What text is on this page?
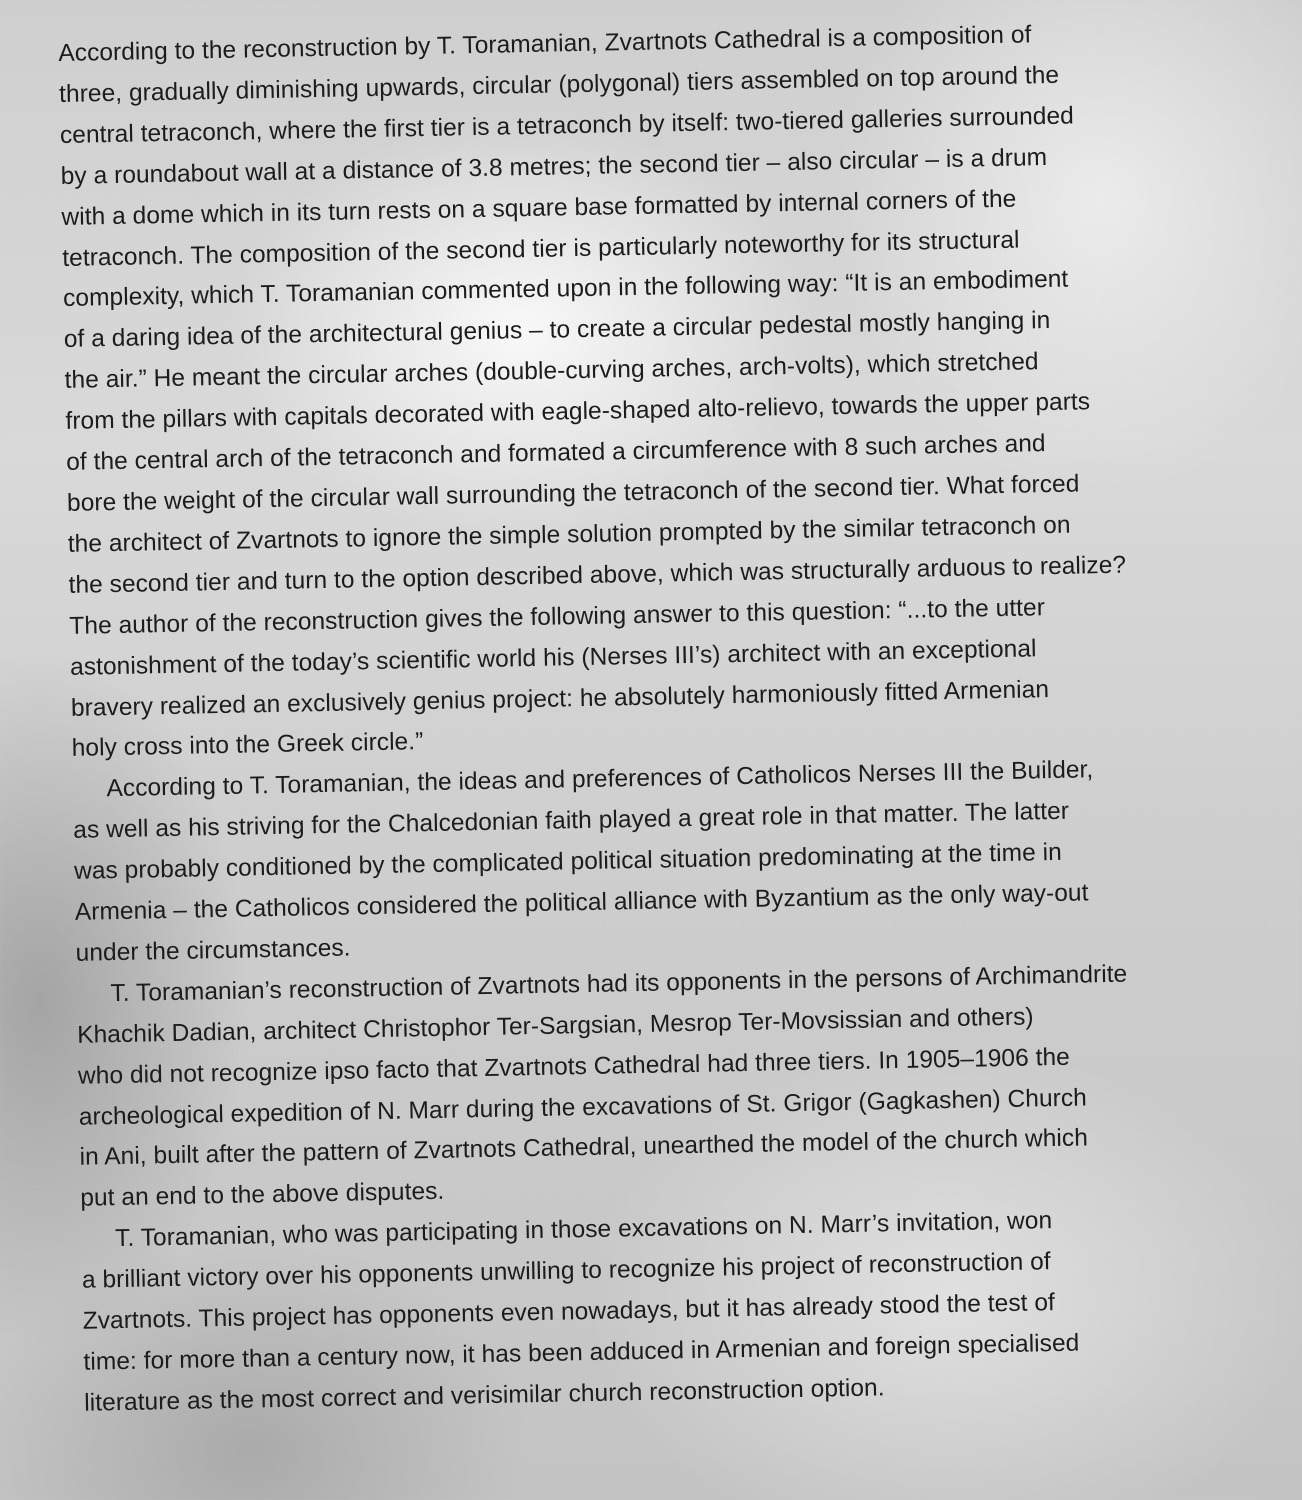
According to the reconstruction by T. Toramanian, Zvartnots Cathedral is a composition of
three, gradually diminishing upwards, circular (polygonal) tiers assembled on top around the
central tetraconch, where the first tier is a tetraconch by itself: two-tiered galleries surrounded
by a roundabout wall at a distance of 3.8 metres; the second tier – also circular – is a drum
with a dome which in its turn rests on a square base formatted by internal corners of the
tetraconch. The composition of the second tier is particularly noteworthy for its structural
complexity, which T. Toramanian commented upon in the following way: “It is an embodiment
of a daring idea of the architectural genius – to create a circular pedestal mostly hanging in
the air.” He meant the circular arches (double-curving arches, arch-volts), which stretched
from the pillars with capitals decorated with eagle-shaped alto-relievo, towards the upper parts
of the central arch of the tetraconch and formated a circumference with 8 such arches and
bore the weight of the circular wall surrounding the tetraconch of the second tier. What forced
the architect of Zvartnots to ignore the simple solution prompted by the similar tetraconch on
the second tier and turn to the option described above, which was structurally arduous to realize?
The author of the reconstruction gives the following answer to this question: “...to the utter
astonishment of the today’s scientific world his (Nerses III’s) architect with an exceptional
bravery realized an exclusively genius project: he absolutely harmoniously fitted Armenian
holy cross into the Greek circle.”

According to T. Toramanian, the ideas and preferences of Catholicos Nerses III the Builder,
as well as his striving for the Chalcedonian faith played a great role in that matter. The latter
was probably conditioned by the complicated political situation predominating at the time in
Armenia – the Catholicos considered the political alliance with Byzantium as the only way-out
under the circumstances.

T. Toramanian’s reconstruction of Zvartnots had its opponents in the persons of Archimandrite
Khachik Dadian, architect Christophor Ter-Sargsian, Mesrop Ter-Movsissian and others)
who did not recognize ipso facto that Zvartnots Cathedral had three tiers. In 1905–1906 the
archeological expedition of N. Marr during the excavations of St. Grigor (Gagkashen) Church
in Ani, built after the pattern of Zvartnots Cathedral, unearthed the model of the church which
put an end to the above disputes.

T. Toramanian, who was participating in those excavations on N. Marr’s invitation, won
a brilliant victory over his opponents unwilling to recognize his project of reconstruction of
Zvartnots. This project has opponents even nowadays, but it has already stood the test of
time: for more than a century now, it has been adduced in Armenian and foreign specialised
literature as the most correct and verisimilar church reconstruction option.
